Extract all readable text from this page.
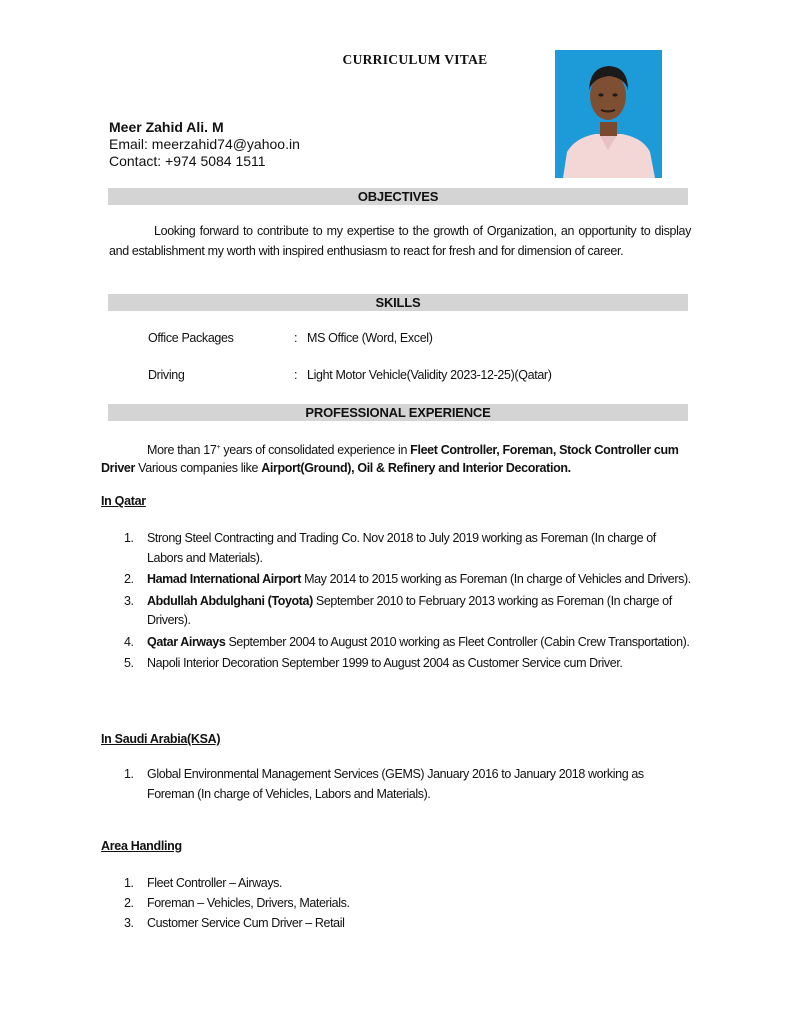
CURRICULUM VITAE
Meer Zahid Ali. M
Email: meerzahid74@yahoo.in
Contact: +974 5084 1511
OBJECTIVES
Looking forward to contribute to my expertise to the growth of Organization, an opportunity to display and establishment my worth with inspired enthusiasm to react for fresh and for dimension of career.
SKILLS
Office Packages	: MS Office (Word, Excel)
Driving	: Light Motor Vehicle(Validity 2023-12-25)(Qatar)
PROFESSIONAL EXPERIENCE
More than 17+ years of consolidated experience in Fleet Controller, Foreman, Stock Controller cum Driver Various companies like Airport(Ground), Oil & Refinery and Interior Decoration.
In Qatar
1. Strong Steel Contracting and Trading Co. Nov 2018 to July 2019 working as Foreman (In charge of Labors and Materials).
2. Hamad International Airport May 2014 to 2015 working as Foreman (In charge of Vehicles and Drivers).
3. Abdullah Abdulghani (Toyota) September 2010 to February 2013 working as Foreman (In charge of Drivers).
4. Qatar Airways September 2004 to August 2010 working as Fleet Controller (Cabin Crew Transportation).
5. Napoli Interior Decoration September 1999 to August 2004 as Customer Service cum Driver.
In Saudi Arabia(KSA)
1. Global Environmental Management Services (GEMS) January 2016 to January 2018 working as Foreman (In charge of Vehicles, Labors and Materials).
Area Handling
1. Fleet Controller – Airways.
2. Foreman – Vehicles, Drivers, Materials.
3. Customer Service Cum Driver – Retail
